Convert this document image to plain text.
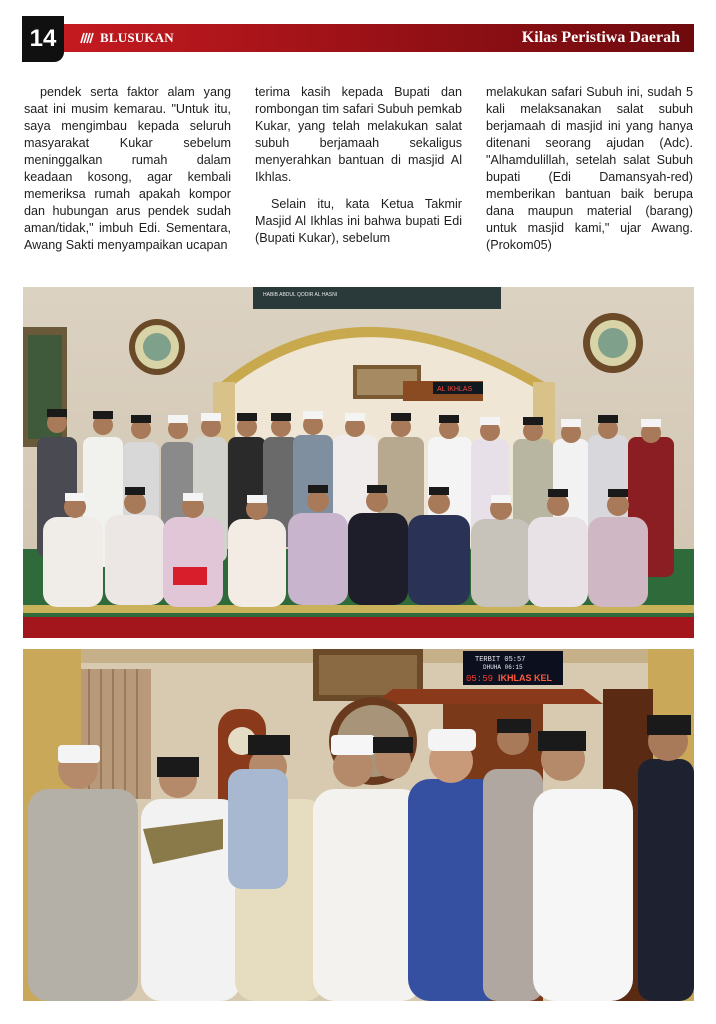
14	BLUSUKAN	Kilas Peristiwa Daerah

pendek serta faktor alam yang saat ini musim kemarau. "Untuk itu, saya mengimbau kepada seluruh masyarakat Kukar sebelum meninggalkan rumah dalam keadaan kosong, agar kembali memeriksa rumah apakah kompor dan hubungan arus pendek sudah aman/tidak," imbuh Edi. Sementara, Awang Sakti menyampaikan ucapan

terima kasih kepada Bupati dan rombongan tim safari Subuh pemkab Kukar, yang telah melakukan salat subuh berjamaah sekaligus menyerahkan bantuan di masjid Al Ikhlas.

Selain itu, kata Ketua Takmir Masjid Al Ikhlas ini bahwa bupati Edi (Bupati Kukar), sebelum

melakukan safari Subuh ini, sudah 5 kali melaksanakan salat subuh berjamaah di masjid ini yang hanya ditenani seorang ajudan (Adc). "Alhamdulillah, setelah salat Subuh bupati (Edi Damansyah-red) memberikan bantuan baik berupa dana maupun material (barang) untuk masjid kami," ujar Awang. (Prokom05)

HABIB ABDUL QODIR AL HASNI
AL IKHLAS
TERBIT 05:57
DHUHA 06:15
05:59 IKHLAS KEL
